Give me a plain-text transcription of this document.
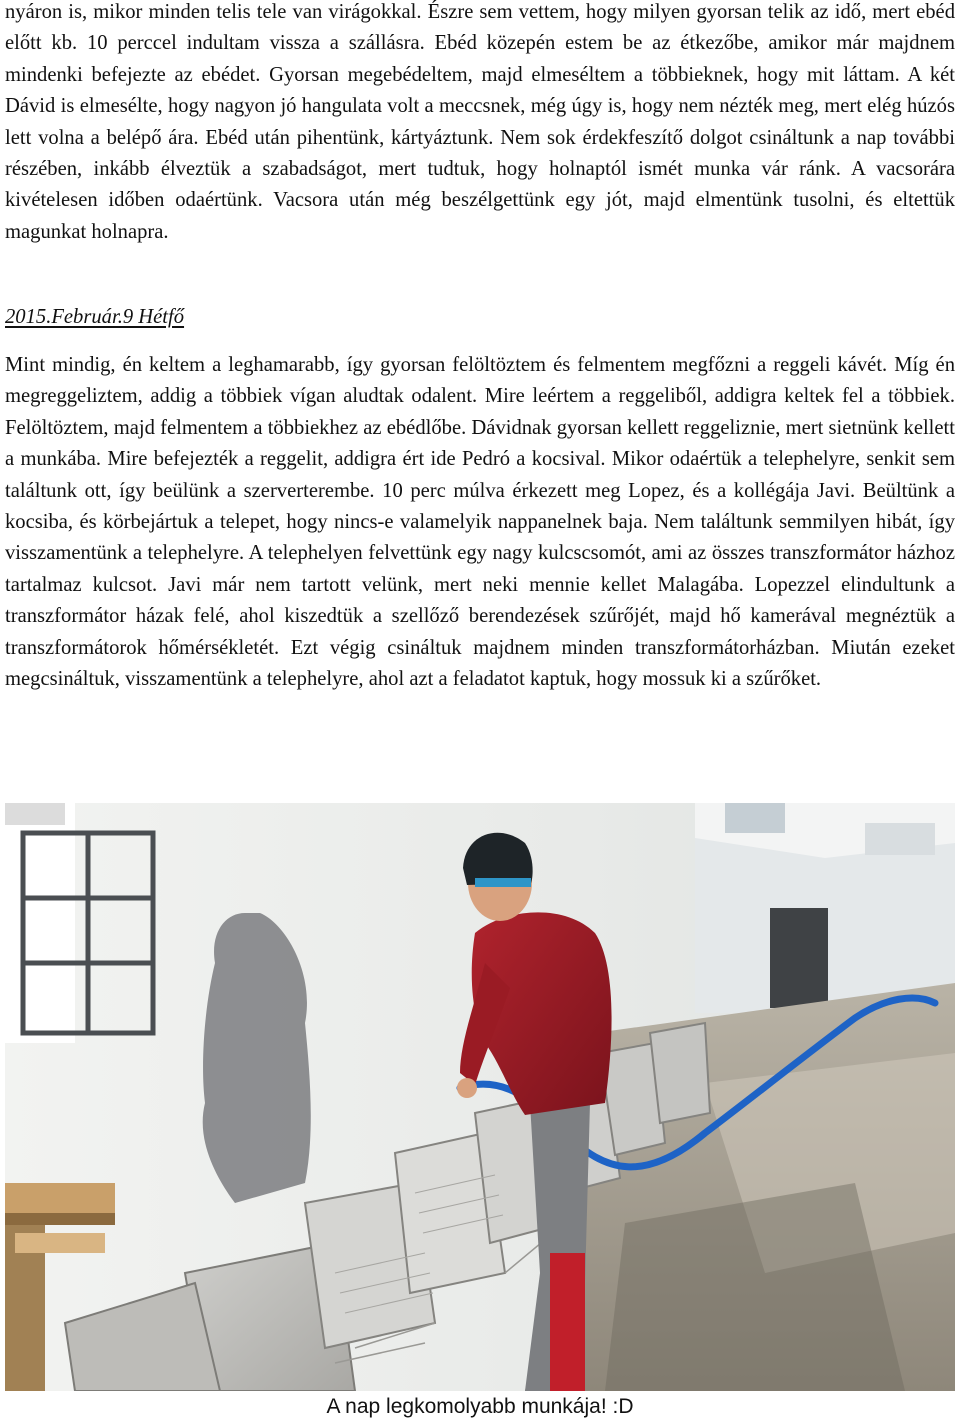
nyáron is, mikor minden telis tele van virágokkal. Észre sem vettem, hogy milyen gyorsan telik az idő, mert ebéd előtt kb. 10 perccel indultam vissza a szállásra. Ebéd közepén estem be az étkezőbe, amikor már majdnem mindenki befejezte az ebédet. Gyorsan megebédeltem, majd elmeséltem a többieknek, hogy mit láttam. A két Dávid is elmesélte, hogy nagyon jó hangulata volt a meccsnek, még úgy is, hogy nem nézték meg, mert elég húzós lett volna a belépő ára. Ebéd után pihentünk, kártyáztunk. Nem sok érdekfeszítő dolgot csináltunk a nap további részében, inkább élveztük a szabadságot, mert tudtuk, hogy holnaptól ismét munka vár ránk. A vacsorára kivételesen időben odaértünk. Vacsora után még beszélgettünk egy jót, majd elmentünk tusolni, és eltettük magunkat holnapra.

2015.Február.9 Hétfő

Mint mindig, én keltem a leghamarabb, így gyorsan felöltöztem és felmentem megfőzni a reggeli kávét. Míg én megreggeliztem, addig a többiek vígan aludtak odalent. Mire leértem a reggeliből, addigra keltek fel a többiek. Felöltöztem, majd felmentem a többiekhez az ebédlőbe. Dávidnak gyorsan kellett reggeliznie, mert sietnünk kellett a munkába. Mire befejezték a reggelit, addigra ért ide Pedró a kocsival. Mikor odaértük a telephelyre, senkit sem találtunk ott, így beülünk a szerverterembe. 10 perc múlva érkezett meg Lopez, és a kollégája Javi. Beültünk a kocsiba, és körbejártuk a telepet, hogy nincs-e valamelyik nappanelnek baja. Nem találtunk semmilyen hibát, így visszamentünk a telephelyre. A telephelyen felvettünk egy nagy kulcscsomót, ami az összes transzformátor házhoz tartalmaz kulcsot. Javi már nem tartott velünk, mert neki mennie kellet Malagába. Lopezzel elindultunk a transzformátor házak felé, ahol kiszedtük a szellőző berendezések szűrőjét, majd hő kamerával megnéztük a transzformátorok hőmérsékletét. Ezt végig csináltuk majdnem minden transzformátorházban. Miután ezeket megcsináltuk, visszamentünk a telephelyre, ahol azt a feladatot kaptuk, hogy mossuk ki a szűrőket.

A nap legkomolyabb munkája! :D
